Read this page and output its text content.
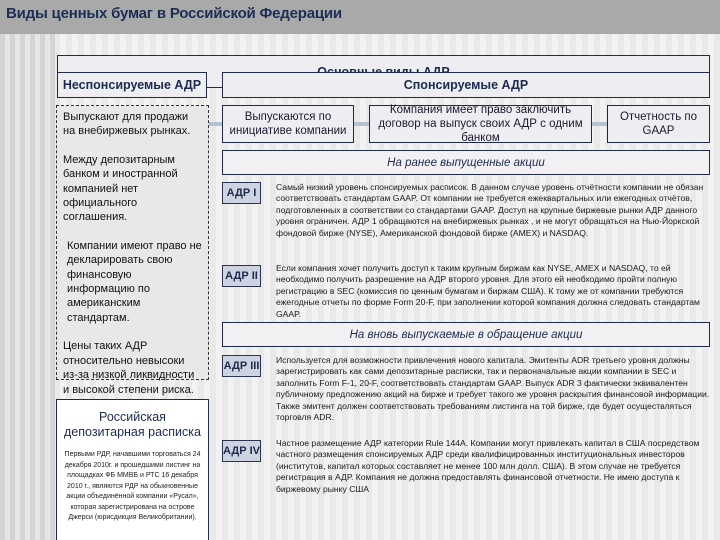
Виды ценных бумаг в Российской Федерации
Неспонсируемые АДР	Спонсируемые АДР

Выпускают для продажи на внебиржевых рынках.

Между депозитарным банком и иностранной компанией нет официального соглашения.

Компании имеют право не декларировать свою финансовую информацию по американским стандартам.

Цены таких АДР относительно невысоки из-за низкой ликвидности и высокой степени риска.

Российская депозитарная расписка
Первыми РДР, начавшими торговаться 24 декабря 2010г. и прошедшими листинг на площадках ФБ ММВБ и РТС 16 декабря 2010 г., являются РДР на обыкновенные акции объединённой компании «Русал», которая зарегистрирована на острове Джерси (юрисдикция Великобритании).
Выпускаются по инициативе компании
Компания имеет право заключить договор на выпуск своих АДР с одним банком
Отчетность по GAAP
На ранее выпущенные акции
АДР I	Самый низкий уровень спонсируемых расписок. В данном случае уровень отчётности компании не обязан соответствовать стандартам GAAP. От компании не требуется ежеквартальных или ежегодных отчётов, подготовленных в соответствии со стандартами GAAP. Доступ на крупные биржевые рынки АДР данного уровня ограничен. АДР 1 обращаются на внебиржевых рынках , и не могут обращаться на Нью-Йоркской фондовой бирже (NYSE), Американской фондовой бирже (AMEX) и NASDAQ.
АДР II
Если компания хочет получить доступ к таким крупным биржам как NYSE, AMEX и NASDAQ, то ей необходимо получить разрешение на АДР второго уровня. Для этого ей необходимо пройти полную регистрацию в SEC (комиссия по ценным бумагам и биржам США). К тому же от компании требуются ежегодные отчеты по форме Form 20-F, при заполнении которой компания должна следовать стандартам GAAP.
На вновь выпускаемые в обращение акции
АДР III Используется для возможности привлечения нового капитала. Эмитенты ADR третьего уровня должны зарегистрировать как сами депозитарные расписки, так и первоначальные акции компании в SEC и заполнить Form F-1, 20-F, соответствовать стандартам GAAP. Выпуск ADR 3 фактически эквивалентен публичному предложению акций на бирже и требует такого же уровня раскрытия финансовой информации. Также эмитент должен соответствовать требованиям листинга на той бирже, где будет осуществляться торговля ADR.
АДР IV
Частное размещение АДР категории Rule 144A. Компании могут привлекать капитал в США посредством частного размещения спонсируемых АДР среди квалифицированных институциональных инвесторов (институтов, капитал которых составляет не менее 100 млн долл. США). В этом случае не требуется регистрация в АДР. Компания не должна предоставлять финансовой отчетности. Не имею доступа к биржевому рынку США
